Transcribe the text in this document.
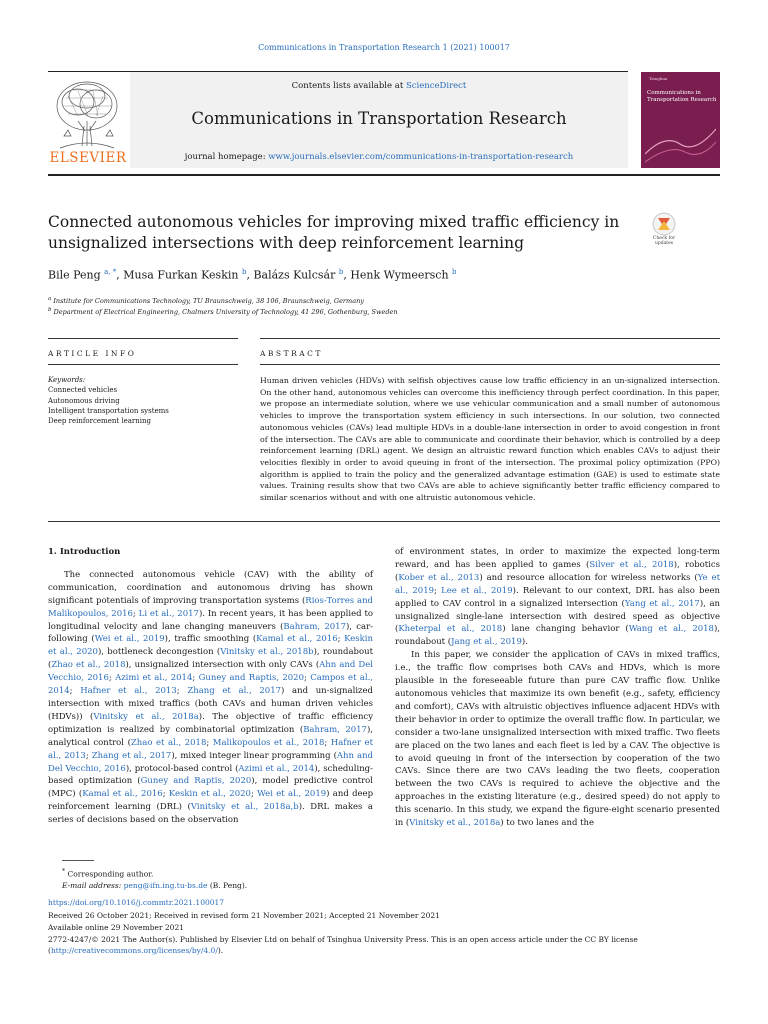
Communications in Transportation Research 1 (2021) 100017
ELSEVIER
Contents lists available at ScienceDirect
Communications in Transportation Research
journal homepage: www.journals.elsevier.com/communications-in-transportation-research
Tsinghua
Communications in Transportation Research
Connected autonomous vehicles for improving mixed traffic efficiency in unsignalized intersections with deep reinforcement learning	Check for updates
Bile Peng $^{a, *}$, Musa Furkan Keskin $^b$, Balázs Kulcsár $^b$, Henk Wymeersch $^b$
$^a$ Institute for Communications Technology, TU Braunschweig, 38 106, Braunschweig, Germany
$^b$ Department of Electrical Engineering, Chalmers University of Technology, 41 296, Gothenburg, Sweden
ARTICLE INFO	ABSTRACT
Keywords:
Connected vehicles
Autonomous driving
Intelligent transportation systems
Deep reinforcement learning
Human driven vehicles (HDVs) with selfish objectives cause low traffic efficiency in an un-signalized intersection. On the other hand, autonomous vehicles can overcome this inefficiency through perfect coordination. In this paper, we propose an intermediate solution, where we use vehicular communication and a small number of autonomous vehicles to improve the transportation system efficiency in such intersections. In our solution, two connected autonomous vehicles (CAVs) lead multiple HDVs in a double-lane intersection in order to avoid congestion in front of the intersection. The CAVs are able to communicate and coordinate their behavior, which is controlled by a deep reinforcement learning (DRL) agent. We design an altruistic reward function which enables CAVs to adjust their velocities flexibly in order to avoid queuing in front of the intersection. The proximal policy optimization (PPO) algorithm is applied to train the policy and the generalized advantage estimation (GAE) is used to estimate state values. Training results show that two CAVs are able to achieve significantly better traffic efficiency compared to similar scenarios without and with one altruistic autonomous vehicle.

1. Introduction

The connected autonomous vehicle (CAV) with the ability of communication, coordination and autonomous driving has shown significant potentials of improving transportation systems (Rios-Torres and Malikopoulos, 2016; Li et al., 2017). In recent years, it has been applied to longitudinal velocity and lane changing maneuvers (Bahram, 2017), car-following (Wei et al., 2019), traffic smoothing (Kamal et al., 2016; Keskin et al., 2020), bottleneck decongestion (Vinitsky et al., 2018b), roundabout (Zhao et al., 2018), unsignalized intersection with only CAVs (Ahn and Del Vecchio, 2016; Azimi et al., 2014; Guney and Raptis, 2020; Campos et al., 2014; Hafner et al., 2013; Zhang et al., 2017) and un-signalized intersection with mixed traffics (both CAVs and human driven vehicles (HDVs)) (Vinitsky et al., 2018a). The objective of traffic efficiency optimization is realized by combinatorial optimization (Bahram, 2017), analytical control (Zhao et al., 2018; Malikopoulos et al., 2018; Hafner et al., 2013; Zhang et al., 2017), mixed integer linear programming (Ahn and Del Vecchio, 2016), protocol-based control (Azimi et al., 2014), scheduling-based optimization (Guney and Raptis, 2020), model predictive control (MPC) (Kamal et al., 2016; Keskin et al., 2020; Wei et al., 2019) and deep reinforcement learning (DRL) (Vinitsky et al., 2018a,b). DRL makes a series of decisions based on the observation

of environment states, in order to maximize the expected long-term reward, and has been applied to games (Silver et al., 2018), robotics (Kober et al., 2013) and resource allocation for wireless networks (Ye et al., 2019; Lee et al., 2019). Relevant to our context, DRL has also been applied to CAV control in a signalized intersection (Yang et al., 2017), an unsignalized single-lane intersection with desired speed as objective (Kheterpal et al., 2018) lane changing behavior (Wang et al., 2018), roundabout (Jang et al., 2019).

In this paper, we consider the application of CAVs in mixed traffics, i.e., the traffic flow comprises both CAVs and HDVs, which is more plausible in the foreseeable future than pure CAV traffic flow. Unlike autonomous vehicles that maximize its own benefit (e.g., safety, efficiency and comfort), CAVs with altruistic objectives influence adjacent HDVs with their behavior in order to optimize the overall traffic flow. In particular, we consider a two-lane unsignalized intersection with mixed traffic. Two fleets are placed on the two lanes and each fleet is led by a CAV. The objective is to avoid queuing in front of the intersection by cooperation of the two CAVs. Since there are two CAVs leading the two fleets, cooperation between the two CAVs is required to achieve the objective and the approaches in the existing literature (e.g., desired speed) do not apply to this scenario. In this study, we expand the figure-eight scenario presented in (Vinitsky et al., 2018a) to two lanes and the

* Corresponding author.
E-mail address: peng@ifn.ing.tu-bs.de (B. Peng).
https://doi.org/10.1016/j.commtr.2021.100017
Received 26 October 2021; Received in revised form 21 November 2021; Accepted 21 November 2021
Available online 29 November 2021
2772-4247/© 2021 The Author(s). Published by Elsevier Ltd on behalf of Tsinghua University Press. This is an open access article under the CC BY license (http://creativecommons.org/licenses/by/4.0/).
